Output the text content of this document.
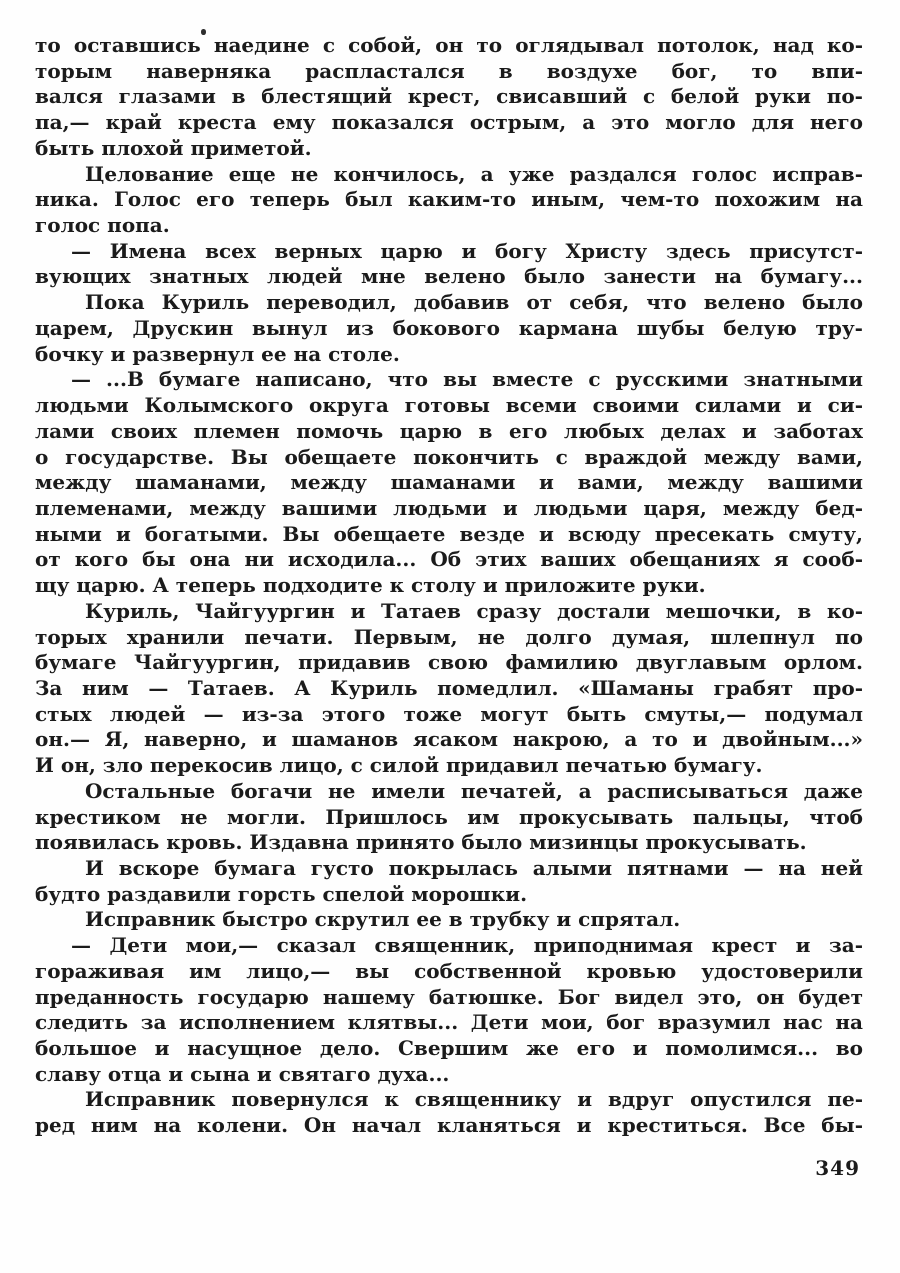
то оставшись наедине с собой, он то оглядывал потолок, над ко-
торым наверняка распластался в воздухе бог, то впи-
вался глазами в блестящий крест, свисавший с белой руки по-
па,— край креста ему показался острым, а это могло для него
быть плохой приметой.
Целование еще не кончилось, а уже раздался голос исправ-
ника. Голос его теперь был каким-то иным, чем-то похожим на
голос попа.
— Имена всех верных царю и богу Христу здесь присутст-
вующих знатных людей мне велено было занести на бумагу...
Пока Куриль переводил, добавив от себя, что велено было
царем, Друскин вынул из бокового кармана шубы белую тру-
бочку и развернул ее на столе.
— ...В бумаге написано, что вы вместе с русскими знатными
людьми Колымского округа готовы всеми своими силами и си-
лами своих племен помочь царю в его любых делах и заботах
о государстве. Вы обещаете покончить с враждой между вами,
между шаманами, между шаманами и вами, между вашими
племенами, между вашими людьми и людьми царя, между бед-
ными и богатыми. Вы обещаете везде и всюду пресекать смуту,
от кого бы она ни исходила... Об этих ваших обещаниях я сооб-
щу царю. А теперь подходите к столу и приложите руки.
Куриль, Чайгуургин и Татаев сразу достали мешочки, в ко-
торых хранили печати. Первым, не долго думая, шлепнул по
бумаге Чайгуургин, придавив свою фамилию двуглавым орлом.
За ним — Татаев. А Куриль помедлил. «Шаманы грабят про-
стых людей — из-за этого тоже могут быть смуты,— подумал
он.— Я, наверно, и шаманов ясаком накрою, а то и двойным...»
И он, зло перекосив лицо, с силой придавил печатью бумагу.
Остальные богачи не имели печатей, а расписываться даже
крестиком не могли. Пришлось им прокусывать пальцы, чтоб
появилась кровь. Издавна принято было мизинцы прокусывать.
И вскоре бумага густо покрылась алыми пятнами — на ней
будто раздавили горсть спелой морошки.
Исправник быстро скрутил ее в трубку и спрятал.
— Дети мои,— сказал священник, приподнимая крест и за-
гораживая им лицо,— вы собственной кровью удостоверили
преданность государю нашему батюшке. Бог видел это, он будет
следить за исполнением клятвы... Дети мои, бог вразумил нас на
большое и насущное дело. Свершим же его и помолимся... во
славу отца и сына и святаго духа...
Исправник повернулся к священнику и вдруг опустился пе-
ред ним на колени. Он начал кланяться и креститься. Все бы-
349
